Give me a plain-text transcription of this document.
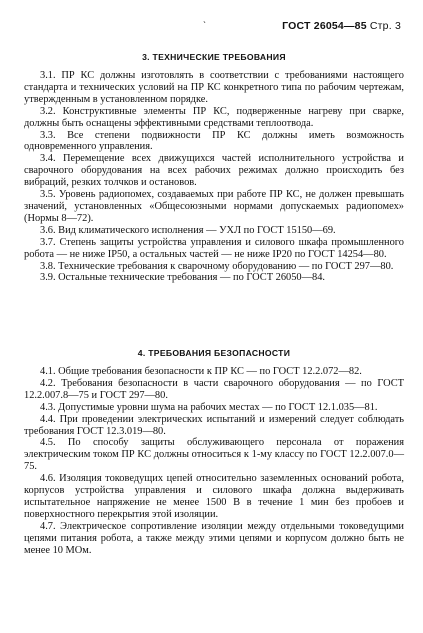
˴	ГОСТ 26054—85 Стр. 3
3. ТЕХНИЧЕСКИЕ ТРЕБОВАНИЯ

3.1. ПР КС должны изготовлять в соответствии с требованиями настоящего стандарта и технических условий на ПР КС конкретного типа по рабочим чертежам, утвержденным в установленном порядке.

3.2. Конструктивные элементы ПР КС, подверженные нагреву при сварке, должны быть оснащены эффективными средствами теплоотвода.

3.3. Все степени подвижности ПР КС должны иметь возможность одновременного управления.

3.4. Перемещение всех движущихся частей исполнительного устройства и сварочного оборудования на всех рабочих режимах должно происходить без вибраций, резких толчков и остановов.

3.5. Уровень радиопомех, создаваемых при работе ПР КС, не должен превышать значений, установленных «Общесоюзными нормами допускаемых радиопомех» (Нормы 8—72).

3.6. Вид климатического исполнения — УХЛ по ГОСТ 15150—69.

3.7. Степень защиты устройства управления и силового шкафа промышленного робота — не ниже IP50, а остальных частей — не ниже IP20 по ГОСТ 14254—80.

3.8. Технические требования к сварочному оборудованию — по ГОСТ 297—80.

3.9. Остальные технические требования — по ГОСТ 26050—84.

4. ТРЕБОВАНИЯ БЕЗОПАСНОСТИ

4.1. Общие требования безопасности к ПР КС — по ГОСТ 12.2.072—82.

4.2. Требования безопасности в части сварочного оборудования — по ГОСТ 12.2.007.8—75 и ГОСТ 297—80.

4.3. Допустимые уровни шума на рабочих местах — по ГОСТ 12.1.035—81.

4.4. При проведении электрических испытаний и измерений следует соблюдать требования ГОСТ 12.3.019—80.

4.5. По способу защиты обслуживающего персонала от поражения электрическим током ПР КС должны относиться к 1-му классу по ГОСТ 12.2.007.0—75.

4.6. Изоляция токоведущих цепей относительно заземленных оснований робота, корпусов устройства управления и силового шкафа должна выдерживать испытательное напряжение не менее 1500 В в течение 1 мин без пробоев и поверхностного перекрытия этой изоляции.

4.7. Электрическое сопротивление изоляции между отдельными токоведущими цепями питания робота, а также между этими цепями и корпусом должно быть не менее 10 МОм.
